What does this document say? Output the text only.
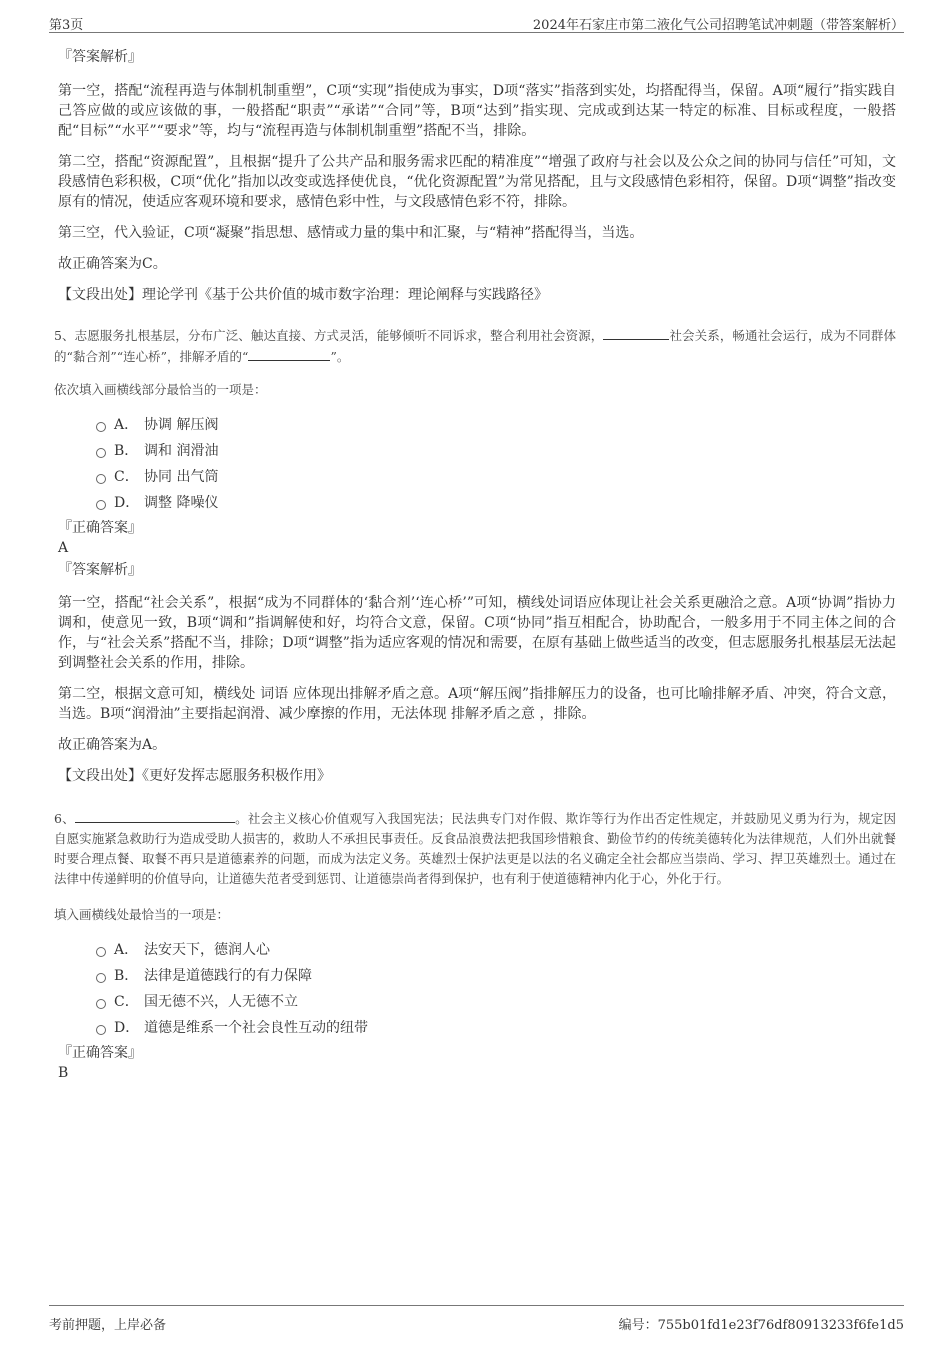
第3页	2024年石家庄市第二液化气公司招聘笔试冲刺题（带答案解析）
『答案解析』

第一空，搭配“流程再造与体制机制重塑”，C项“实现”指使成为事实，D项“落实”指落到实处，均搭配得当，保留。A项“履行”指实践自己答应做的或应该做的事，一般搭配“职责”“承诺”“合同”等，B项“达到”指实现、完成或到达某一特定的标准、目标或程度，一般搭配“目标”“水平”“要求”等，均与“流程再造与体制机制重塑”搭配不当，排除。

第二空，搭配“资源配置”，且根据“提升了公共产品和服务需求匹配的精准度”“增强了政府与社会以及公众之间的协同与信任”可知，文段感情色彩积极，C项“优化”指加以改变或选择使优良，“优化资源配置”为常见搭配，且与文段感情色彩相符，保留。D项“调整”指改变原有的情况，使适应客观环境和要求，感情色彩中性，与文段感情色彩不符，排除。

第三空，代入验证，C项“凝聚”指思想、感情或力量的集中和汇聚，与“精神”搭配得当，当选。

故正确答案为C。

【文段出处】理论学刊《基于公共价值的城市数字治理：理论阐释与实践路径》

5、志愿服务扎根基层，分布广泛、触达直接、方式灵活，能够倾听不同诉求，整合利用社会资源，	社会关系，畅通社会运行，成为不同群体的“黏合剂”“连心桥”，排解矛盾的“	”。

依次填入画横线部分最恰当的一项是：

A． 协调 解压阀
B． 调和 润滑油
C． 协同 出气筒
D． 调整 降噪仪
『正确答案』
A
『答案解析』

第一空，搭配“社会关系”，根据“成为不同群体的‘黏合剂’‘连心桥’”可知，横线处词语应体现让社会关系更融洽之意。A项“协调”指协力调和，使意见一致，B项“调和”指调解使和好，均符合文意，保留。C项“协同”指互相配合，协助配合，一般多用于不同主体之间的合作，与“社会关系”搭配不当，排除；D项“调整”指为适应客观的情况和需要，在原有基础上做些适当的改变，但志愿服务扎根基层无法起到调整社会关系的作用，排除。

第二空，根据文意可知，横线处 词语 应体现出排解矛盾之意。A项“解压阀”指排解压力的设备，也可比喻排解矛盾、冲突，符合文意，当选。B项“润滑油”主要指起润滑、减少摩擦的作用，无法体现 排解矛盾之意 ，排除。

故正确答案为A。

【文段出处】《更好发挥志愿服务积极作用》

6、	。社会主义核心价值观写入我国宪法；民法典专门对作假、欺诈等行为作出否定性规定，并鼓励见义勇为行为，规定因自愿实施紧急救助行为造成受助人损害的，救助人不承担民事责任。反食品浪费法把我国珍惜粮食、勤俭节约的传统美德转化为法律规范，人们外出就餐时要合理点餐、取餐不再只是道德素养的问题，而成为法定义务。英雄烈士保护法更是以法的名义确定全社会都应当崇尚、学习、捍卫英雄烈士。通过在法律中传递鲜明的价值导向，让道德失范者受到惩罚、让道德崇尚者得到保护，也有利于使道德精神内化于心，外化于行。

填入画横线处最恰当的一项是：

A． 法安天下，德润人心
B． 法律是道德践行的有力保障
C． 国无德不兴，人无德不立
D． 道德是维系一个社会良性互动的纽带
『正确答案』
B
考前押题，上岸必备	编号：755b01fd1e23f76df80913233f6fe1d5
